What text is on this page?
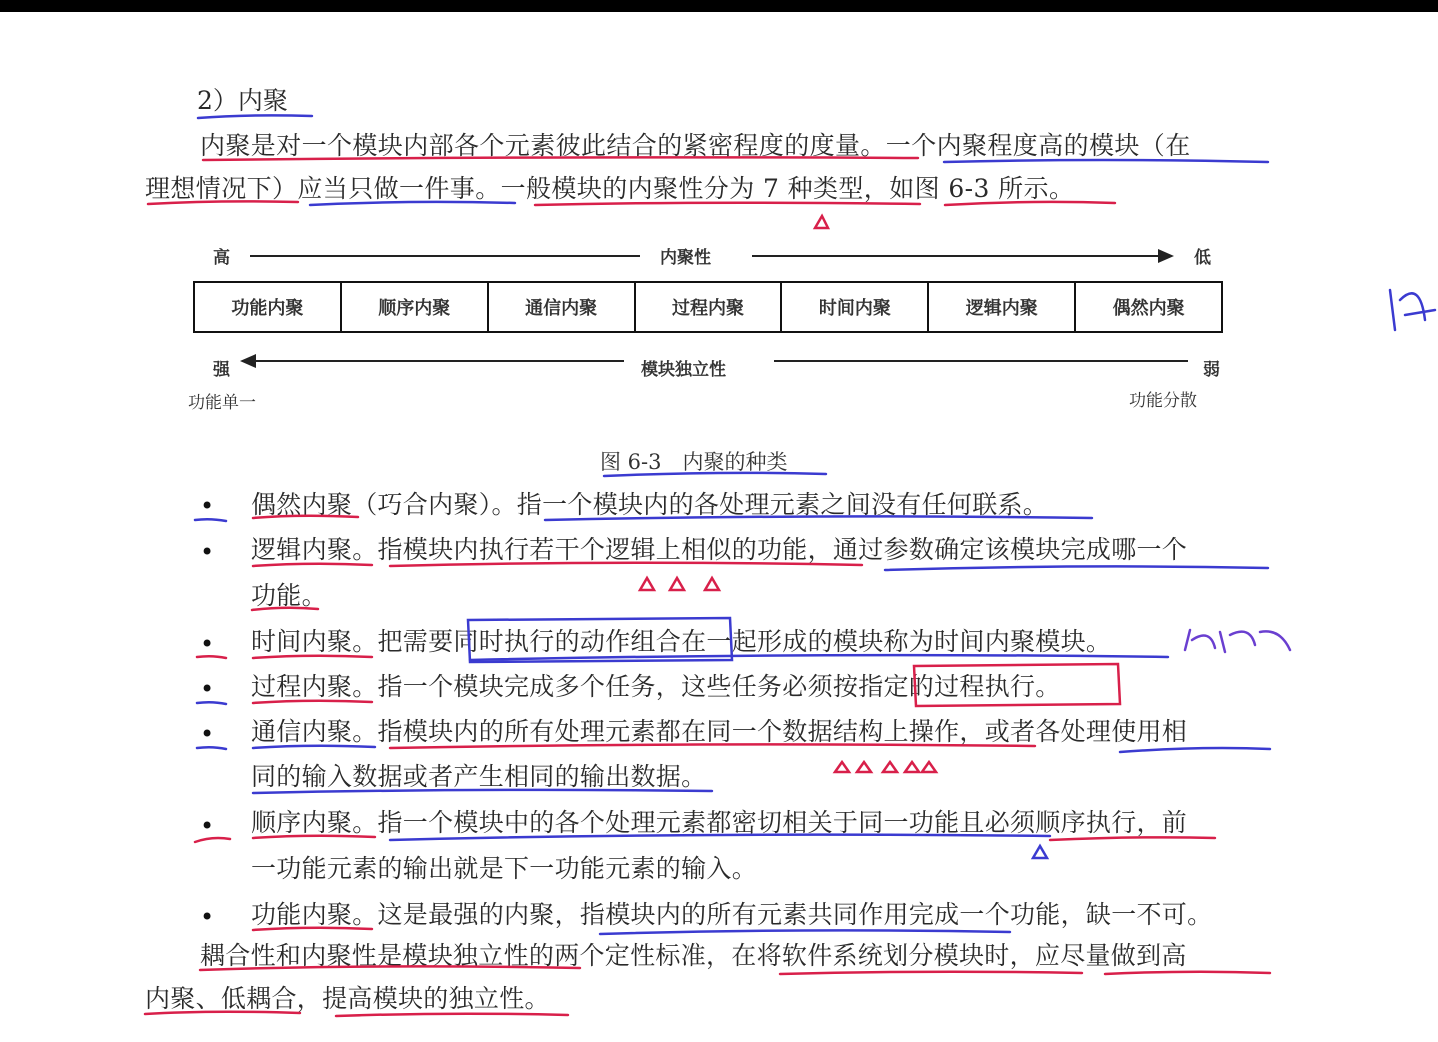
2）内聚
内聚是对一个模块内部各个元素彼此结合的紧密程度的度量。一个内聚程度高的模块（在
理想情况下）应当只做一件事。一般模块的内聚性分为 7 种类型，如图 6-3 所示。
高	内聚性	低
功能内聚	顺序内聚	通信内聚	过程内聚	时间内聚	逻辑内聚	偶然内聚
强	模块独立性	弱
功能单一	功能分散
图 6-3　内聚的种类
• 偶然内聚（巧合内聚）。指一个模块内的各处理元素之间没有任何联系。
• 逻辑内聚。指模块内执行若干个逻辑上相似的功能，通过参数确定该模块完成哪一个
功能。
• 时间内聚。把需要同时执行的动作组合在一起形成的模块称为时间内聚模块。
• 过程内聚。指一个模块完成多个任务，这些任务必须按指定的过程执行。
• 通信内聚。指模块内的所有处理元素都在同一个数据结构上操作，或者各处理使用相
同的输入数据或者产生相同的输出数据。
• 顺序内聚。指一个模块中的各个处理元素都密切相关于同一功能且必须顺序执行，前
一功能元素的输出就是下一功能元素的输入。
• 功能内聚。这是最强的内聚，指模块内的所有元素共同作用完成一个功能，缺一不可。
耦合性和内聚性是模块独立性的两个定性标准，在将软件系统划分模块时，应尽量做到高
内聚、低耦合，提高模块的独立性。
